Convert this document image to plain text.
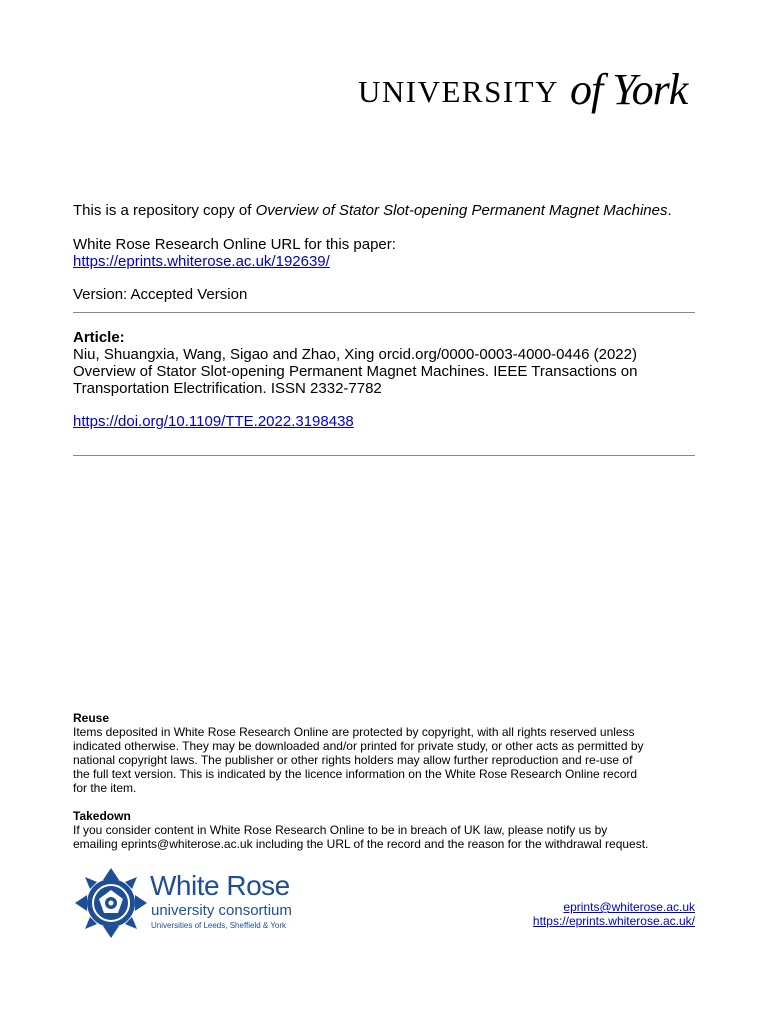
UNIVERSITY of York
This is a repository copy of Overview of Stator Slot-opening Permanent Magnet Machines.
White Rose Research Online URL for this paper:
https://eprints.whiterose.ac.uk/192639/
Version: Accepted Version
Article:
Niu, Shuangxia, Wang, Sigao and Zhao, Xing orcid.org/0000-0003-4000-0446 (2022)
Overview of Stator Slot-opening Permanent Magnet Machines. IEEE Transactions on
Transportation Electrification. ISSN 2332-7782
https://doi.org/10.1109/TTE.2022.3198438
Reuse
Items deposited in White Rose Research Online are protected by copyright, with all rights reserved unless
indicated otherwise. They may be downloaded and/or printed for private study, or other acts as permitted by
national copyright laws. The publisher or other rights holders may allow further reproduction and re-use of
the full text version. This is indicated by the licence information on the White Rose Research Online record
for the item.
Takedown
If you consider content in White Rose Research Online to be in breach of UK law, please notify us by
emailing eprints@whiterose.ac.uk including the URL of the record and the reason for the withdrawal request.
White Rose
university consortium
Universities of Leeds, Sheffield & York
eprints@whiterose.ac.uk
https://eprints.whiterose.ac.uk/
